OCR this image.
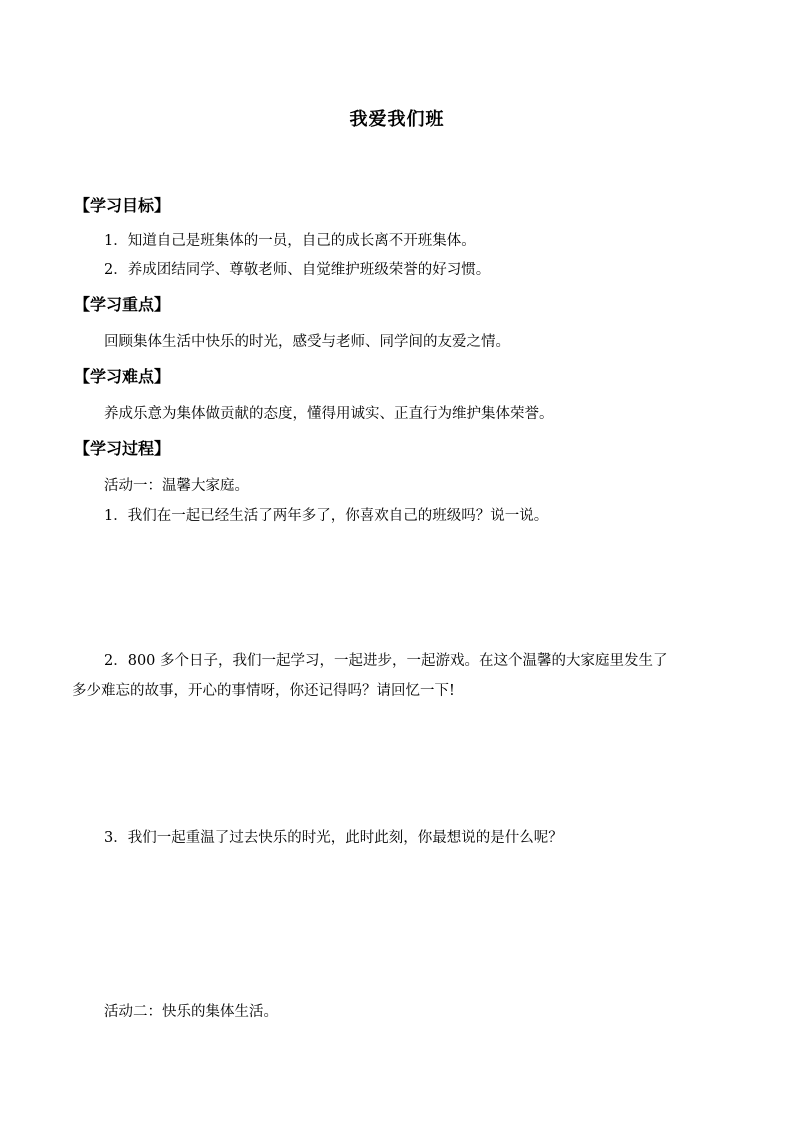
我爱我们班
【学习目标】
1．知道自己是班集体的一员，自己的成长离不开班集体。
2．养成团结同学、尊敬老师、自觉维护班级荣誉的好习惯。
【学习重点】
回顾集体生活中快乐的时光，感受与老师、同学间的友爱之情。
【学习难点】
养成乐意为集体做贡献的态度，懂得用诚实、正直行为维护集体荣誉。
【学习过程】
活动一：温馨大家庭。
1．我们在一起已经生活了两年多了，你喜欢自己的班级吗？说一说。
2．800 多个日子，我们一起学习，一起进步，一起游戏。在这个温馨的大家庭里发生了
多少难忘的故事，开心的事情呀，你还记得吗？请回忆一下!
3．我们一起重温了过去快乐的时光，此时此刻，你最想说的是什么呢？
活动二：快乐的集体生活。
